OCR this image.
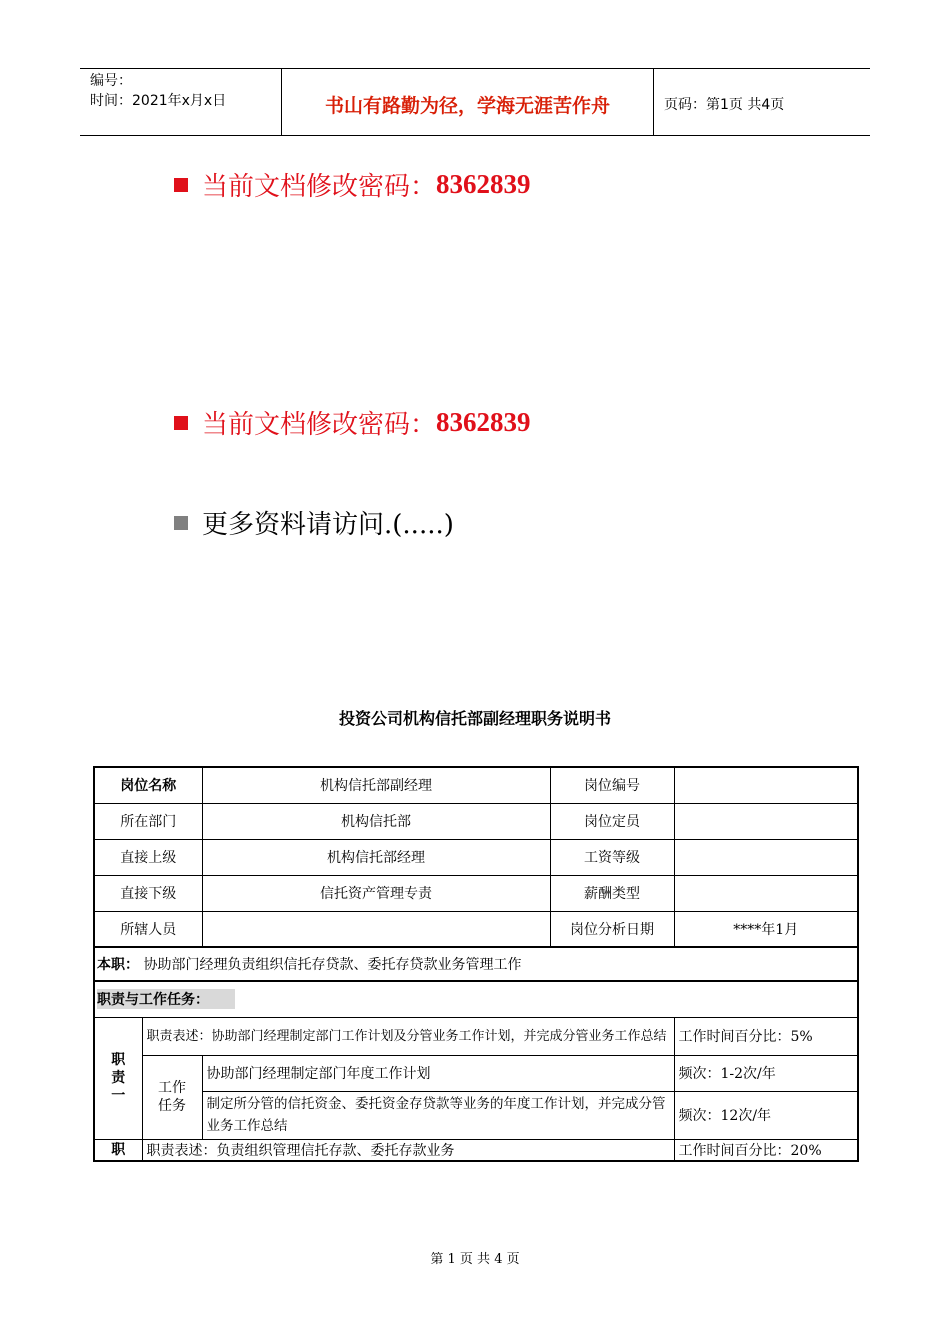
编号：
时间：2021年x月x日	书山有路勤为径，学海无涯苦作舟	页码：第1页 共4页
当前文档修改密码： 8362839
当前文档修改密码： 8362839
更多资料请访问.(.....)
投资公司机构信托部副经理职务说明书
岗位名称		机构信托部副经理	岗位编号	
所在部门		机构信托部	岗位定员	
直接上级		机构信托部经理	工资等级	
直接下级		信托资产管理专责	薪酬类型	
所辖人员			岗位分析日期	****年1月
本职： 协助部门经理负责组织信托存贷款、委托存贷款业务管理工作				
职责与工作任务：				
职
责
一	职责表述：协助部门经理制定部门工作计划及分管业务工作计划，并完成分管业务工作总结			工作时间百分比：5%
	工作
任务	协助部门经理制定部门年度工作计划		频次：1-2次/年
		制定所分管的信托资金、委托资金存贷款等业务的年度工作计划，并完成分管业务工作总结		频次：12次/年
职	职责表述：负责组织管理信托存款、委托存款业务			工作时间百分比：20%
第 1 页 共 4 页
